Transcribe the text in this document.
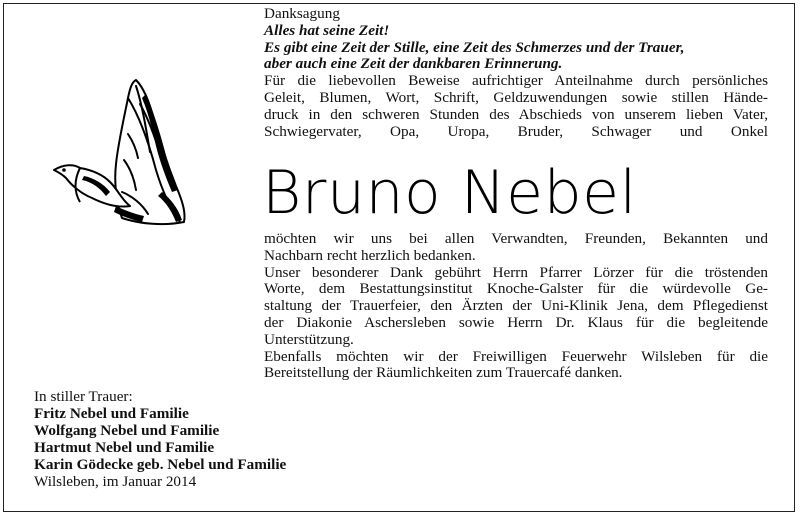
Danksagung

Alles hat seine Zeit!

Es gibt eine Zeit der Stille, eine Zeit des Schmerzes und der Trauer,

aber auch eine Zeit der dankbaren Erinnerung.

Für die liebevollen Beweise aufrichtiger Anteilnahme durch persönliches

Geleit, Blumen, Wort, Schrift, Geldzuwendungen sowie stillen Hände-

druck in den schweren Stunden des Abschieds von unserem lieben Vater,

Schwiegervater, Opa, Uropa, Bruder, Schwager und Onkel

Bruno Nebel

möchten wir uns bei allen Verwandten, Freunden, Bekannten und

Nachbarn recht herzlich bedanken.

Unser besonderer Dank gebührt Herrn Pfarrer Lörzer für die tröstenden

Worte, dem Bestattungsinstitut Knoche-Galster für die würdevolle Ge-

staltung der Trauerfeier, den Ärzten der Uni-Klinik Jena, dem Pflegedienst

der Diakonie Aschersleben sowie Herrn Dr. Klaus für die begleitende

Unterstützung.

Ebenfalls möchten wir der Freiwilligen Feuerwehr Wilsleben für die

Bereitstellung der Räumlichkeiten zum Trauercafé danken.

In stiller Trauer:
Fritz Nebel und Familie
Wolfgang Nebel und Familie
Hartmut Nebel und Familie
Karin Gödecke geb. Nebel und Familie
Wilsleben, im Januar 2014
